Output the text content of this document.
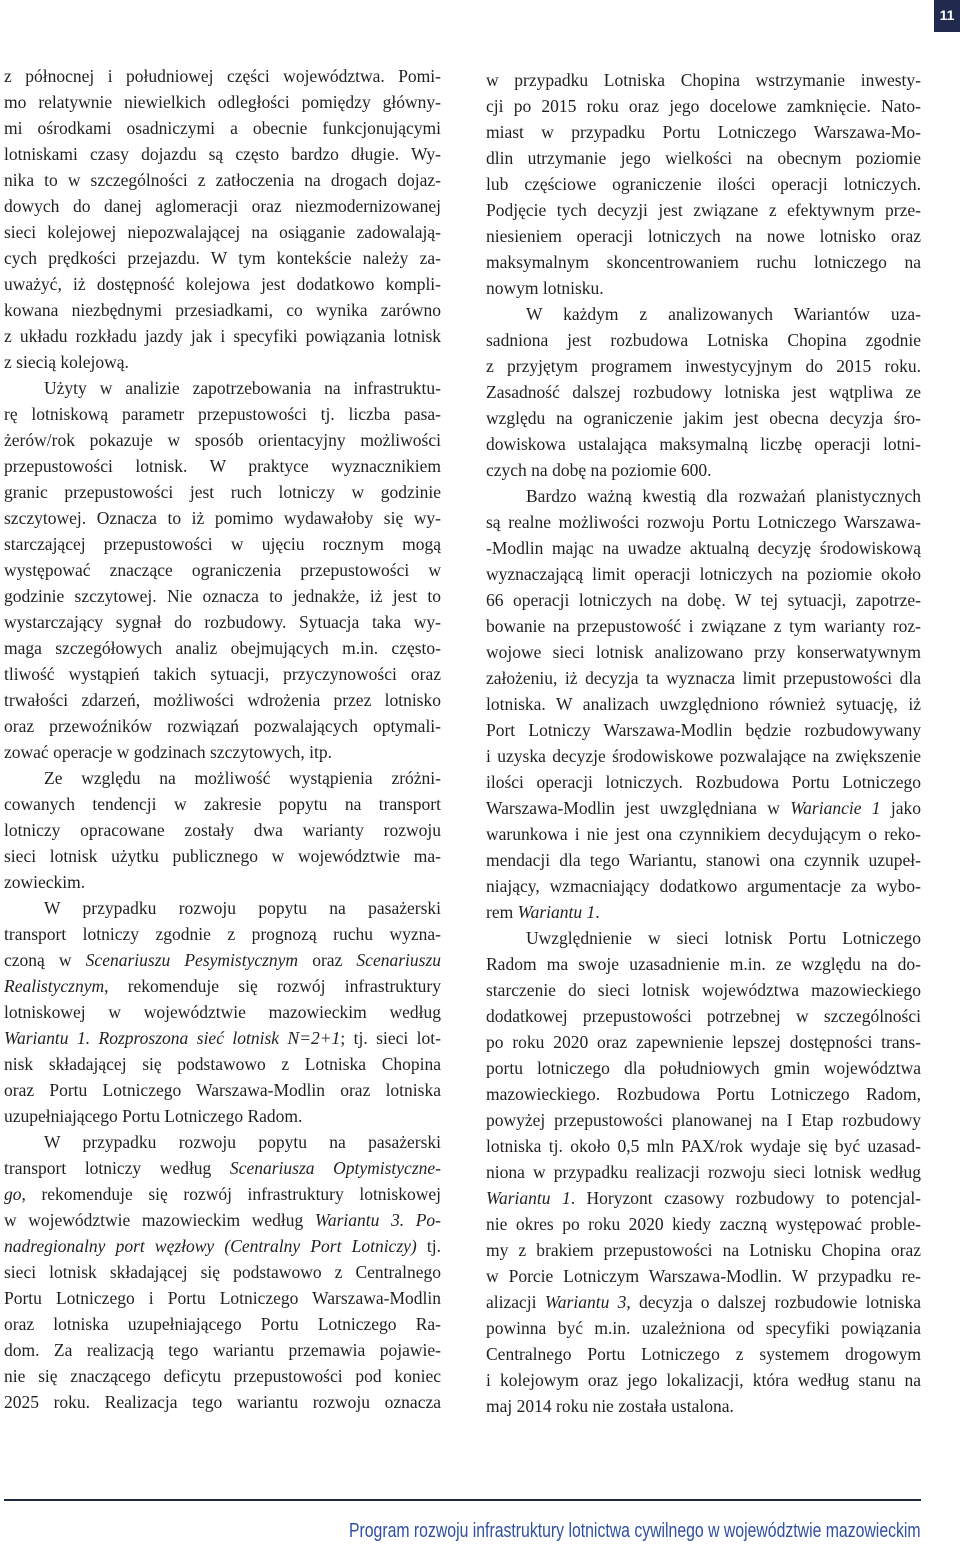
11
z północnej i południowej części województwa. Pomi-
mo relatywnie niewielkich odległości pomiędzy główny-
mi ośrodkami osadniczymi a obecnie funkcjonującymi
lotniskami czasy dojazdu są często bardzo długie. Wy-
nika to w szczególności z zatłoczenia na drogach dojaz-
dowych do danej aglomeracji oraz niezmodernizowanej
sieci kolejowej niepozwalającej na osiąganie zadowalają-
cych prędkości przejazdu. W tym kontekście należy za-
uważyć, iż dostępność kolejowa jest dodatkowo kompli-
kowana niezbędnymi przesiadkami, co wynika zarówno
z układu rozkładu jazdy jak i specyfiki powiązania lotnisk
z siecią kolejową.
Użyty w analizie zapotrzebowania na infrastruktu-
rę lotniskową parametr przepustowości tj. liczba pasa-
żerów/rok pokazuje w sposób orientacyjny możliwości
przepustowości lotnisk. W praktyce wyznacznikiem
granic przepustowości jest ruch lotniczy w godzinie
szczytowej. Oznacza to iż pomimo wydawałoby się wy-
starczającej przepustowości w ujęciu rocznym mogą
występować znaczące ograniczenia przepustowości w
godzinie szczytowej. Nie oznacza to jednakże, iż jest to
wystarczający sygnał do rozbudowy. Sytuacja taka wy-
maga szczegółowych analiz obejmujących m.in. często-
tliwość wystąpień takich sytuacji, przyczynowości oraz
trwałości zdarzeń, możliwości wdrożenia przez lotnisko
oraz przewoźników rozwiązań pozwalających optymali-
zować operacje w godzinach szczytowych, itp.
Ze względu na możliwość wystąpienia zróżni-
cowanych tendencji w zakresie popytu na transport
lotniczy opracowane zostały dwa warianty rozwoju
sieci lotnisk użytku publicznego w województwie ma-
zowieckim.
W przypadku rozwoju popytu na pasażerski
transport lotniczy zgodnie z prognozą ruchu wyzna-
czoną w Scenariuszu Pesymistycznym oraz Scenariuszu
Realistycznym, rekomenduje się rozwój infrastruktury
lotniskowej w województwie mazowieckim według
Wariantu 1. Rozproszona sieć lotnisk N=2+1; tj. sieci lot-
nisk składającej się podstawowo z Lotniska Chopina
oraz Portu Lotniczego Warszawa-Modlin oraz lotniska
uzupełniającego Portu Lotniczego Radom.
W przypadku rozwoju popytu na pasażerski
transport lotniczy według Scenariusza Optymistyczne-
go, rekomenduje się rozwój infrastruktury lotniskowej
w województwie mazowieckim według Wariantu 3. Po-
nadregionalny port węzłowy (Centralny Port Lotniczy) tj.
sieci lotnisk składającej się podstawowo z Centralnego
Portu Lotniczego i Portu Lotniczego Warszawa-Modlin
oraz lotniska uzupełniającego Portu Lotniczego Ra-
dom. Za realizacją tego wariantu przemawia pojawie-
nie się znaczącego deficytu przepustowości pod koniec
2025 roku. Realizacja tego wariantu rozwoju oznacza
w przypadku Lotniska Chopina wstrzymanie inwesty-
cji po 2015 roku oraz jego docelowe zamknięcie. Nato-
miast w przypadku Portu Lotniczego Warszawa-Mo-
dlin utrzymanie jego wielkości na obecnym poziomie
lub częściowe ograniczenie ilości operacji lotniczych.
Podjęcie tych decyzji jest związane z efektywnym prze-
niesieniem operacji lotniczych na nowe lotnisko oraz
maksymalnym skoncentrowaniem ruchu lotniczego na
nowym lotnisku.
W każdym z analizowanych Wariantów uza-
sadniona jest rozbudowa Lotniska Chopina zgodnie
z przyjętym programem inwestycyjnym do 2015 roku.
Zasadność dalszej rozbudowy lotniska jest wątpliwa ze
względu na ograniczenie jakim jest obecna decyzja śro-
dowiskowa ustalająca maksymalną liczbę operacji lotni-
czych na dobę na poziomie 600.
Bardzo ważną kwestią dla rozważań planistycznych
są realne możliwości rozwoju Portu Lotniczego Warszawa-
-Modlin mając na uwadze aktualną decyzję środowiskową
wyznaczającą limit operacji lotniczych na poziomie około
66 operacji lotniczych na dobę. W tej sytuacji, zapotrze-
bowanie na przepustowość i związane z tym warianty roz-
wojowe sieci lotnisk analizowano przy konserwatywnym
założeniu, iż decyzja ta wyznacza limit przepustowości dla
lotniska. W analizach uwzględniono również sytuację, iż
Port Lotniczy Warszawa-Modlin będzie rozbudowywany
i uzyska decyzje środowiskowe pozwalające na zwiększenie
ilości operacji lotniczych. Rozbudowa Portu Lotniczego
Warszawa-Modlin jest uwzględniana w Wariancie 1 jako
warunkowa i nie jest ona czynnikiem decydującym o reko-
mendacji dla tego Wariantu, stanowi ona czynnik uzupeł-
niający, wzmacniający dodatkowo argumentacje za wybo-
rem Wariantu 1.
Uwzględnienie w sieci lotnisk Portu Lotniczego
Radom ma swoje uzasadnienie m.in. ze względu na do-
starczenie do sieci lotnisk województwa mazowieckiego
dodatkowej przepustowości potrzebnej w szczególności
po roku 2020 oraz zapewnienie lepszej dostępności trans-
portu lotniczego dla południowych gmin województwa
mazowieckiego. Rozbudowa Portu Lotniczego Radom,
powyżej przepustowości planowanej na I Etap rozbudowy
lotniska tj. około 0,5 mln PAX/rok wydaje się być uzasad-
niona w przypadku realizacji rozwoju sieci lotnisk według
Wariantu 1. Horyzont czasowy rozbudowy to potencjal-
nie okres po roku 2020 kiedy zaczną występować proble-
my z brakiem przepustowości na Lotnisku Chopina oraz
w Porcie Lotniczym Warszawa-Modlin. W przypadku re-
alizacji Wariantu 3, decyzja o dalszej rozbudowie lotniska
powinna być m.in. uzależniona od specyfiki powiązania
Centralnego Portu Lotniczego z systemem drogowym
i kolejowym oraz jego lokalizacji, która według stanu na
maj 2014 roku nie została ustalona.
Program rozwoju infrastruktury lotnictwa cywilnego w województwie mazowieckim
